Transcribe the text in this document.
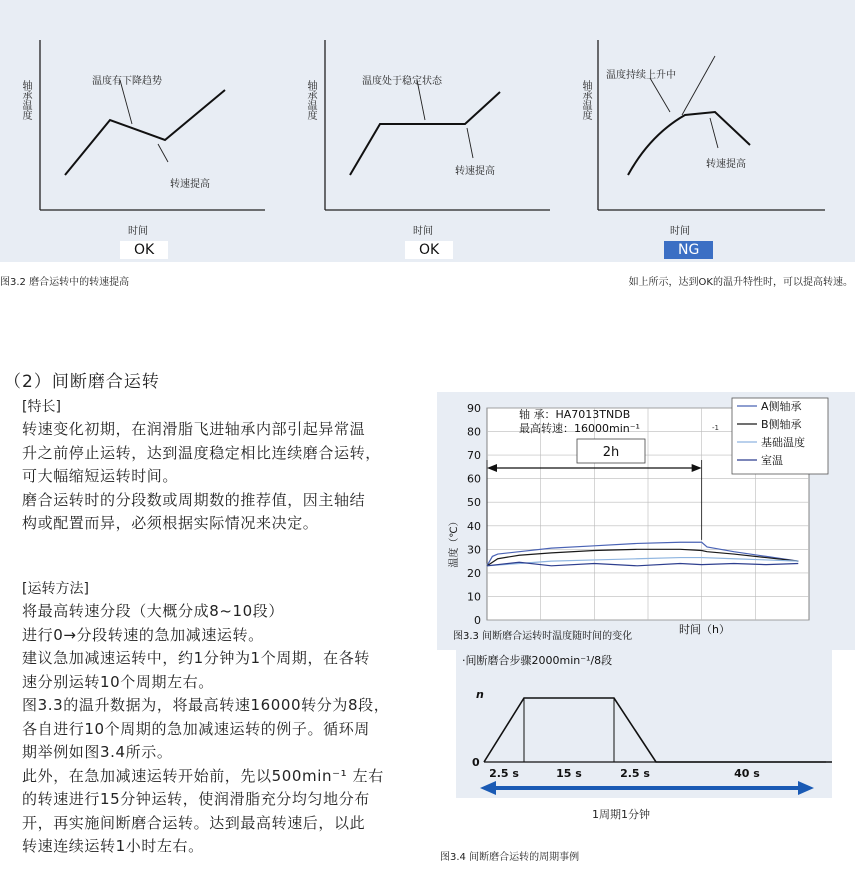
轴承温度	温度有下降趋势
转速提高
时间
OK
轴承温度	温度处于稳定状态
转速提高
时间
OK
轴承温度
温度持续上升中
转速提高
时间
NG
图3.2 磨合运转中的转速提高	如上所示，达到OK的温升特性时，可以提高转速。
（2）间断磨合运转
[特长]
转速变化初期，在润滑脂飞进轴承内部引起异常温
升之前停止运转，达到温度稳定相比连续磨合运转，
可大幅缩短运转时间。
磨合运转时的分段数或周期数的推荐值，因主轴结
构或配置而异，必须根据实际情况来决定。
[运转方法]
将最高转速分段（大概分成8~10段）
进行0→分段转速的急加减速运转。
建议急加减速运转中，约1分钟为1个周期，在各转
速分别运转10个周期左右。
图3.3的温升数据为，将最高转速16000转分为8段，
各自进行10个周期的急加减速运转的例子。循环周
期举例如图3.4所示。
此外，在急加减速运转开始前，先以500min⁻¹ 左右
的转速进行15分钟运转，使润滑脂充分均匀地分布
开，再实施间断磨合运转。达到最高转速后，以此
转速连续运转1小时左右。
0
10
20
30
40
50
60
70
80
90
2h
轴 承：HA7013TNDB
最高转速：16000min⁻¹	-1
A侧轴承
B侧轴承
基础温度
室温
温度（℃）
时间（h）
图3.3 间断磨合运转时温度随时间的变化
·间断磨合步骤2000min⁻¹/8段
n
0
2.5 s	15 s	2.5 s	40 s
1周期1分钟
图3.4 间断磨合运转的周期事例
